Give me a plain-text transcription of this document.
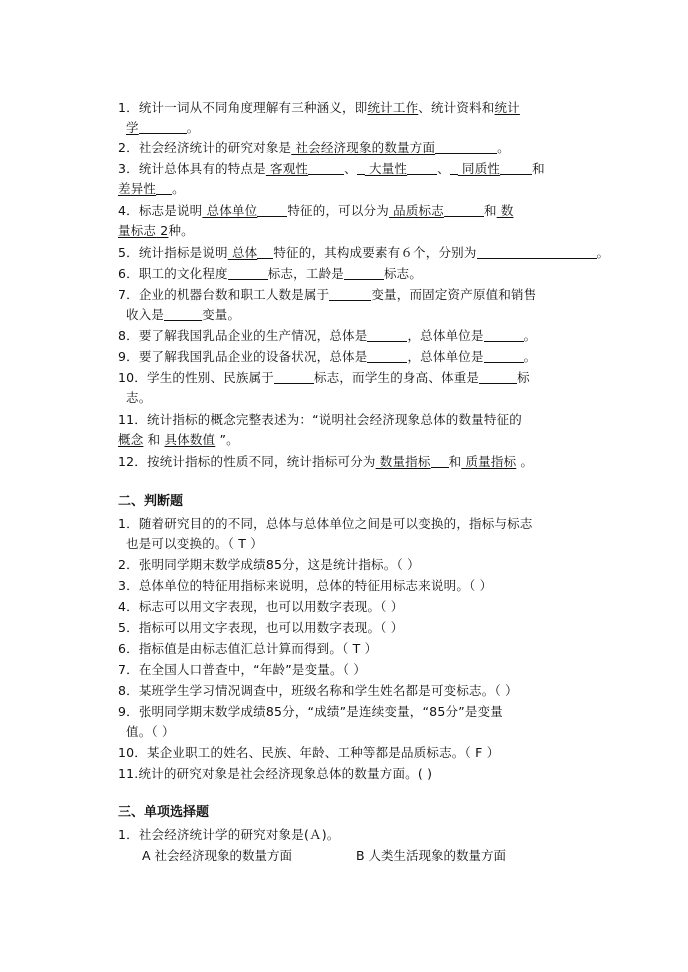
1．统计一词从不同角度理解有三种涵义，即统计工作、统计资料和统计
学	。
2．社会经济统计的研究对象是 社会经济现象的数量方面	。
3．统计总体具有的特点是 客观性	、 大量性 、 同质性	和
差异性 。
4．标志是说明 总体单位 特征的，可以分为 品质标志	和 数
量标志 2种。
5．统计指标是说明 总体 特征的，其构成要素有６个，分别为	。
6．职工的文化程度	标志，工龄是	标志。
7．企业的机器台数和职工人数是属于	变量，而固定资产原值和销售
收入是	变量。
8．要了解我国乳品企业的生产情况，总体是	，总体单位是	。
9．要了解我国乳品企业的设备状况，总体是	，总体单位是	。
10．学生的性别、民族属于	标志，而学生的身高、体重是	标
志。
11．统计指标的概念完整表述为：“说明社会经济现象总体的数量特征的
概念 和 具体数值 ”。
12．按统计指标的性质不同，统计指标可分为 数量指标 和 质量指标 。
二、判断题
1．随着研究目的的不同，总体与总体单位之间是可以变换的，指标与标志
也是可以变换的。（ T ）
2．张明同学期末数学成绩85分，这是统计指标。（ ）
3．总体单位的特征用指标来说明，总体的特征用标志来说明。（ ）
4．标志可以用文字表现，也可以用数字表现。（ ）
5．指标可以用文字表现，也可以用数字表现。（ ）
6．指标值是由标志值汇总计算而得到。（ T ）
7．在全国人口普查中，“年龄”是变量。（ ）
8．某班学生学习情况调查中，班级名称和学生姓名都是可变标志。（ ）
9．张明同学期末数学成绩85分，“成绩”是连续变量，“85分”是变量
值。（ ）
10．某企业职工的姓名、民族、年龄、工种等都是品质标志。（ F ）
11.统计的研究对象是社会经济现象总体的数量方面。( )
三、单项选择题
1．社会经济统计学的研究对象是(Ａ)。
A 社会经济现象的数量方面	B 人类生活现象的数量方面
